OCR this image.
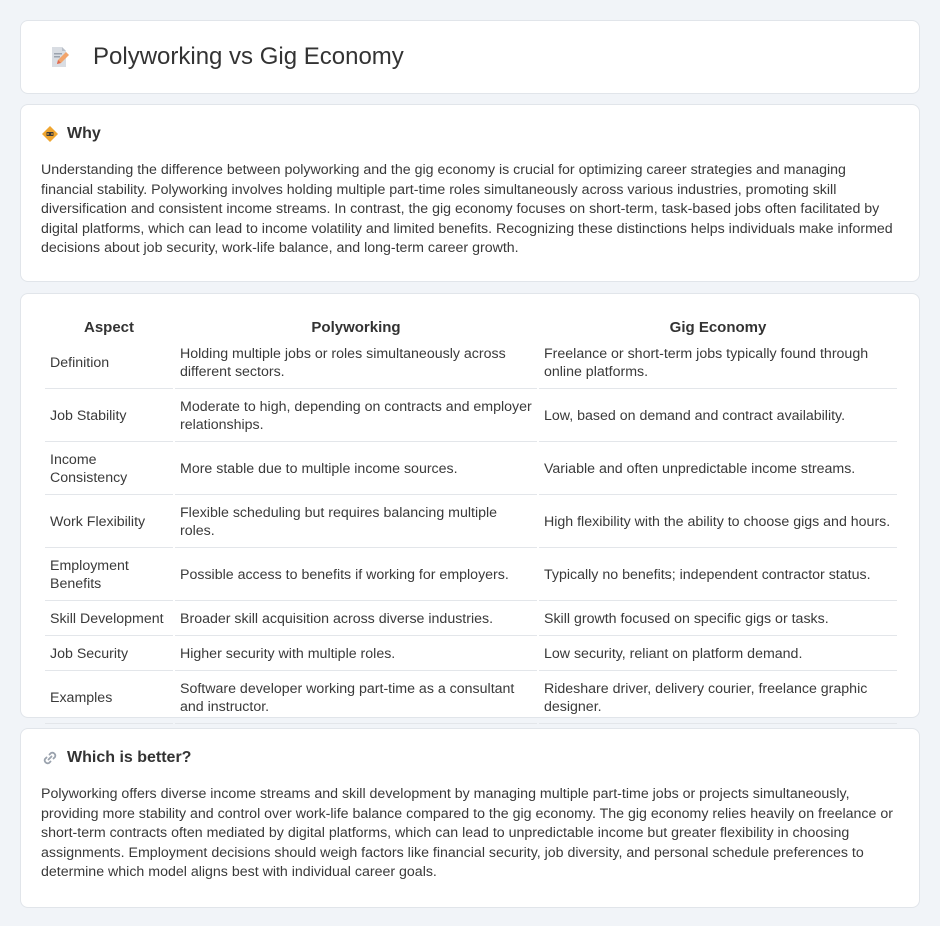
Polyworking vs Gig Economy
Why

Understanding the difference between polyworking and the gig economy is crucial for optimizing career strategies and managing financial stability. Polyworking involves holding multiple part-time roles simultaneously across various industries, promoting skill diversification and consistent income streams. In contrast, the gig economy focuses on short-term, task-based jobs often facilitated by digital platforms, which can lead to income volatility and limited benefits. Recognizing these distinctions helps individuals make informed decisions about job security, work-life balance, and long-term career growth.

Aspect	Polyworking	Gig Economy
Definition	Holding multiple jobs or roles simultaneously across different sectors.	Freelance or short-term jobs typically found through online platforms.
Job Stability	Moderate to high, depending on contracts and employer relationships.	Low, based on demand and contract availability.
Income Consistency	More stable due to multiple income sources.	Variable and often unpredictable income streams.
Work Flexibility	Flexible scheduling but requires balancing multiple roles.	High flexibility with the ability to choose gigs and hours.
Employment Benefits	Possible access to benefits if working for employers.	Typically no benefits; independent contractor status.
Skill Development	Broader skill acquisition across diverse industries.	Skill growth focused on specific gigs or tasks.
Job Security	Higher security with multiple roles.	Low security, reliant on platform demand.
Examples	Software developer working part-time as a consultant and instructor.	Rideshare driver, delivery courier, freelance graphic designer.
Which is better?

Polyworking offers diverse income streams and skill development by managing multiple part-time jobs or projects simultaneously, providing more stability and control over work-life balance compared to the gig economy. The gig economy relies heavily on freelance or short-term contracts often mediated by digital platforms, which can lead to unpredictable income but greater flexibility in choosing assignments. Employment decisions should weigh factors like financial security, job diversity, and personal schedule preferences to determine which model aligns best with individual career goals.
